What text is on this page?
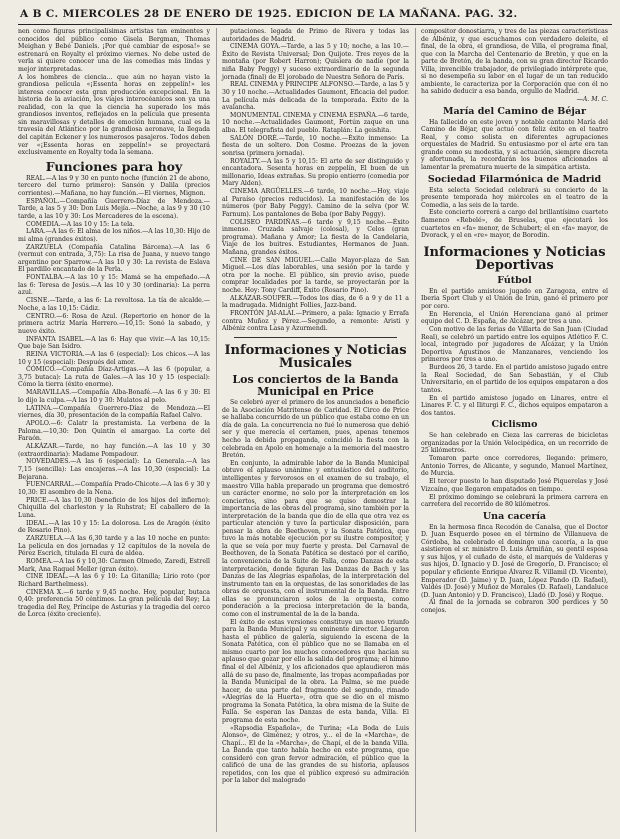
A B C. MIERCOLES 28 DE ENERO DE 1925. EDICION DE LA MAÑANA. PAG. 32.

nen como figuras principalísimas artistas tan eminentes y conocidos del público como Gisela Bergman, Thomas Meighan y Bebé Daniels. ¡Por qué cambiar de esposa!» se estrenará en Royalty el próximo viernes. No debe usted de verla si quiere conocer una de las comedias más lindas y mejor interpretadas.

A los hombres de ciencia... que aún no hayan visto la grandiosa película «¡Essenta horas en zeppelín!» les interesa conocer esta gran producción excepcional. En la historia de la aviación, los viajes interocéanicos son ya una realidad, con la que la ciencia ha superado los más grandiosos inventos, reflejados en la película que presenta sin maravillosas y detalles de emoción humana, cual es la travesía del Atlántico por la grandiosa aeronave, la llegada del capitán Eckener y los numerosos pasajeros. Todos deben ver «¡Essenta horas en zeppelín!» se proyectará exclusivamente en Royalty toda la semana.

Funciones para hoy

REAL.—A las 9 y 30 en punto noche (función 21 de abono, tercero del turno primero): Sansón y Dalila (precios corrientes).—Mañana, no hay función.—El viernes, Mignon.

ESPAÑOL.—Compañía Guerrero-Díaz de Mendoza.—Tarde, a las 5 y 30: Don Luis Mejía.—Noche, a las 9 y 30 (10 tarde, a las 10 y 30: Los Mercaderes de la escena).

COMEDIA.—A las 10 y 15: La tela.

LARA.—A las 6: El alma de los niños.—A las 10,30: Hijo de mi alma (grandes éxitos).

ZARZUELA (Compañía Catalina Bárcena).—A las 6 (vermut con entrada, 3,75): La risa de Juana, y nuevo tango argentino por Sparrow.—A las 10 y 30: La revista de Eslava El pardillo encantado de la Perla.

FONTALBA.—A las 10 y 15: Mamá se ha empeñado.—A las 6: Teresa de Jesús.—A las 10 y 30 (ordinaria): La perra azul.

CISNE.—Tarde, a las 6: La revoltosa. La tía de alcalde.—Noche, a las 10,15: Cádiz.

CENTRO.—6: Rosa de Azul. (Repertorio en honor de la primera actriz María Herrero.—10,15: Sonó la sabado, y nuevo éxito.

INFANTA ISABEL.—A las 6: Hay que vivir.—A las 10,15: Que baje San Isidro.

REINA VICTORIA.—A las 6 (especial): Los chicos.—A las 10 y 15 (especial): Después del amor.

CÓMICO.—Compañía Díaz-Artigas.—A las 6 (popular, a 3,75 butaca): La ruta de Gales.—A las 10 y 15 (especial): Cómo la tierra (éxito enorme).

MARAVILLAS.—Compañía Alba-Bonafé.—A las 6 y 30: El lo dijo la culpa.—A las 10 y 30: Mulatos al pelo.

LATINA.—Compañía Guerrero-Díaz de Mendoza.—El viernes, día 30, presentación de la compañía Rafael Calvo.

APOLO.—6: Calatr la prestamista. La verbena de la Paloma.—10,30: Don Quintín el amargao. La corte del Faraón.

ALKÁZAR.—Tarde, no hay función.—A las 10 y 30 (extraordinaria): Madame Pompadour.

NOVEDADES.—A las 6 (especial): La Generala.—A las 7,15 (sencilla): Las encajeras.—A las 10,30 (especial): La Bejarana.

FUENCARRAL.—Compañía Prado-Chicote.—A las 6 y 30 y 10,30: El asombro de la Nena.

PRICE.—A las 10,30 (beneficio de los hijos del infierno): Chiquilla del charleston y la Ruhstrat; El caballero de la Luna.

IDEAL.—A las 10 y 15: La dolorosa. Los de Aragón (éxito de Rosario Pino).

ZARZUELA.—A las 6,30 tarde y a las 10 noche en punto: La película en dos jornadas y 12 capítulos de la novela de Pérez Escrich, titulada El cura de aldea.

ROMEA.—A las 6 y 10,30: Carmen Olmedo, Zaredi, Estrell Mark, Ana Raquel Meller (gran éxito).

CINE IDEAL.—A las 6 y 10: La Gitanilla; Lirio roto (por Richard Barthelmess).

CINEMA X.—6 tarde y 9,45 noche. Hoy, popular, butaca 0,40: preferencia 50 céntimos. La gran película del Rey; La tragedia del Rey, Príncipe de Asturias y la tragedia del cerco de Lorca (éxito creciente).

putaciones. legada de Primo de Rivera y todas las autoridades de Madrid.

CINEMA GOYA.—Tarde, a las 5 y 10; noche, a las 10.—Éxito de Revista Universal; Don Quijote. Tres reyes de la montaña (por Robert Harron); Quisiera de nadie (por la niña Baby Peggy) y suceso extraordinario de la segunda jornada (final) de El jorobado de Nuestra Señora de París.

REAL CINEMA y PRINCIPE ALFONSO.—Tarde, a las 5 y 30 y 10 noche.—Actualidades Gaumont, Eficacia del pudor. La película más delicada de la temporada. Éxito de la avalancha.

MONUMENTAL CINEMA y CINEMA ESPAÑA.—6 tarde, 10 noche.—Actualidades Gaumont, Fortún zaque en una alba. El telegrafista del pueblo. Rataplán: La geishita.

SALÓN DORÉ.—Tarde, 10 noche.—Éxito inmenso: La fiesta de un soltero. Don Cosme. Proezas de la joven sonrisa (primera jornada).

ROYALTY.—A las 5 y 10,15: El arte de ser distinguido y encantadora. Sesenta horas en zeppelín, El buen de un millonario, Ideas extrañas. Su propio entierro (comedia por Mary Alden).

CINEMA ARGÜELLES.—6 tarde, 10 noche.—Hoy, viaje al Paraíso (precios reducidos). La manifestación de los números (por Baby Peggy). Camino de la selva (por W. Farnum). Los pantalones de Beba (por Baby Peggy).

COLISEO PARDIÑAS.—6 tarde y 9,15 noche.—Éxito inmenso. Cruzada salvaje (colosal), y Celos (gran programa). Mañana y Amor; La fiesta de la Candelaria, Viaje de los buitres. Estudiantes, Hermanos de Juan. Mañana, grandes éxitos.

CINE DE SAN MIGUEL.—Calle Mayor-plaza de San Miguel.—Los días laborables, una sesión por la tarde y otra por la noche. El público, sin previo aviso, puede comprar localidades por la tarde, se proyectarán por la noche. Hoy: Tony Cardiff, Éxito (Rosario Pino).

ALKÁZAR-SOUPER.—Todos los días, de 6 a 9 y de 11 a la madrugada. Midnight Follies, Jazz-band.

FRONTÓN JAI-ALAI.—Primero, a pala: Ignacio y Errafa contra Muñoz y Pérez.—Segundo, a remonte: Aristi y Albéniz contra Lasa y Azurmendi.

Informaciones y Noticias Musicales
Los conciertos de la Banda Municipal en Price

Se celebró ayer el primero de los anunciados a beneficio de la Asociación Matritense de Caridad. El Circo de Price se hallaba concurrido de un público que estaba como en un día de gala. La concurrencia no fué lo numerosa que debió ser y que merecía el certamen, pues, apenas tenemos hecho la debida propaganda, coincidió la fiesta con la celebrada en Apolo en homenaje a la memoria del maestro Bretón.

En conjunto, la admirable labor de la Banda Municipal obtuvo el aplauso unánime y entusiástico del auditorio, intelligentes y fervorosos en el examen de su trabajo, el maestro Villa habla preparado un programa que demostró un carácter enorme, no solo por la interpretación en los conciertos, sino para que se quiso demostrar la importancia de las obras del programa, sino también por la interpretación de la banda que dio de ella que otra vez es particular atención y tuvo la particular disposición, para pensar la obra de Beethoven, y la Sonata Patética, que tuvo la más notable ejecución por su ilustre compositor, y la que se veía por muy fuerte y presta. Del Carnaval de Beethoven, de la Sonata Patética se destacó por el cariño, la conveniencia de la Suite de Falla, como Danzas de esta interpretación, donde figuran las Danzas de Bach y las Danzas de las Alegrías españolas, de la interpretación del instrumento tan en la orquestas, de las sonoridades de las obras de orquesta, con el instrumental de la Banda. Entre ellas se pronunciaron solos de la orquesta, como ponderación a la preciosa interpretación de la banda, como con el instrumental de la de la banda.

El éxito de estas versiones constituye un nuevo triunfo para la Banda Municipal y su eminente director. Llegaron hasta el público de galería, siguiendo la escena de la Sonata Patética, con el público que no se llamaba en el mismo cuarto por los muchos conocedores que hacían su aplauso que gozar por ello la salida del programa; el himno final el del Albéniz, y los aficionados que aplaudieron más allá de su paso de, finalmente, las tropas acompañadas por la Banda Municipal de la obra. La Palma, se me puede hacer, de una parte del fragmento del segundo, rimado «Alegrías de la Huerta», otra que se dio en el mismo programa la Sonata Patética, la obra misma de la Suite de Falla. Se esperan las Danzas de esta banda, Villa. El programa de esta noche.

«Rapsodia Española», de Turina; «La Boda de Luis Alonso», de Giménez; y otros, y... el de la «Marcha», de Chapí... El de la «Marcha», de Chapí, el de la banda Villa. La Banda que tanto había hecho en este programa, que consideró con gran fervor admiración, el público que la calificó de una de las grandes de su historia, aplausos repetidos, con los que el público expresó su admiración por la labor del malogrado

compositor donostiarra, y tres de las piezas características de Albéniz, y que escuchamos con verdadero deleite, el final, de la obra, el grandiosa, de Villa, el programa final, que con la Marcha del Centenario de Bretón, y que en la parte de Bretón, de la banda, con su gran director Ricardo Villa, invencible trabajador, de privilegiado intérprete que, si no desempeña su labor en el lugar de un tan reducido ambiente, le caracteriza por la Corporación que con él no ha sabido deducir a esa banda, orgullo de Madrid.

—A. M. C.
María del Camino de Béjar

Ha fallecido en este joven y notable cantante María del Camino de Béjar, que actuó con feliz éxito en el teatro Real, y como solista en diferentes agrupaciones orquestales de Madrid. Su entusiasmo por el arte era tan grande como su modestia, y si actuación, siempre discreta y afortunada, la recordarán los buenos aficionados al lamentar la prematura muerte de la simpática artista.

Sociedad Filarmónica de Madrid

Esta selecta Sociedad celebrará su concierto de la presente temporada hoy miércoles en el teatro de la Comedia, a las seis de la tarde.

Este concierto correrá a cargo del brillantísimo cuarteto flamenco «Rebelé», de Bruselas, que ejecutará los cuartetos en «fa» menor, de Schubert; el en «fa» mayor, de Dvorack, y el en «re» mayor, de Borodin.

Informaciones y Noticias Deportivas
Fútbol

En el partido amistoso jugado en Zaragoza, entre el Iberia Sport Club y el Unión de Irún, ganó el primero por por cero.

En Herencia, el Unión Herenciana ganó al primer equipo del C. D. España, de Alcázar, por tres a uno.

Con motivo de las ferias de Villarta de San Juan (Ciudad Real), se celebró un partido entre los equipos Atlético F. C. local, integrado por jugadores de Alcázar, y la Unión Deportiva Agustinos de Manzanares, venciendo los primeros por tres a uno.

Burdeos 26, 3 tarde. En el partido amistoso jugado entre la Real Sociedad, de San Sebastián, y el Club Universitario, en el partido de los equipos empataron a dos tantos.

En el partido amistoso jugado en Linares, entre el Linares F. C. y el Iliturgi F. C., dichos equipos empataron a dos tantos.

Ciclismo

Se han celebrado en Cieza las carreras de bicicletas organizadas por la Unión Velocipédica, en un recorrido de 25 kilómetros.

Tomaron parte once corredores, llegando: primero, Antonio Torres, de Alicante, y segundo, Manuel Martínez, de Murcia.

El tercer puesto lo han disputado José Piquerelas y José Vizcaíno, que llegaron empatados en tiempo.

El próximo domingo se celebrará la primera carrera en carretera del recorrido de 80 kilómetros.

Una cacería

En la hermosa finca Recodón de Canalsa, que el Doctor D. Juan Esquerdo posee en el término de Villanueva de Córdoba, ha celebrado el domingo una cacería, a la que asistieron el sr. ministro D. Luis Armiñán, su gentil esposa y sus hijos, y el cuñado de éste, el marqués de Valderas y sus hijos, D. Ignacio y D. José de Gregorio, D. Francisco; el popular y eficiente Enrique Álvarez R. Villamil (D. Vicente), Emperador (D. Jaime) y D. Juan, López Pando (D. Rafael), Valdés (D. José) y Muñoz de Morales (D. Rafael), Landaluce (D. Juan Antonio) y D. Francisco), Lladó (D. José) y Roque.

Al final de la jornada se cobraron 300 perdices y 50 conejos.
